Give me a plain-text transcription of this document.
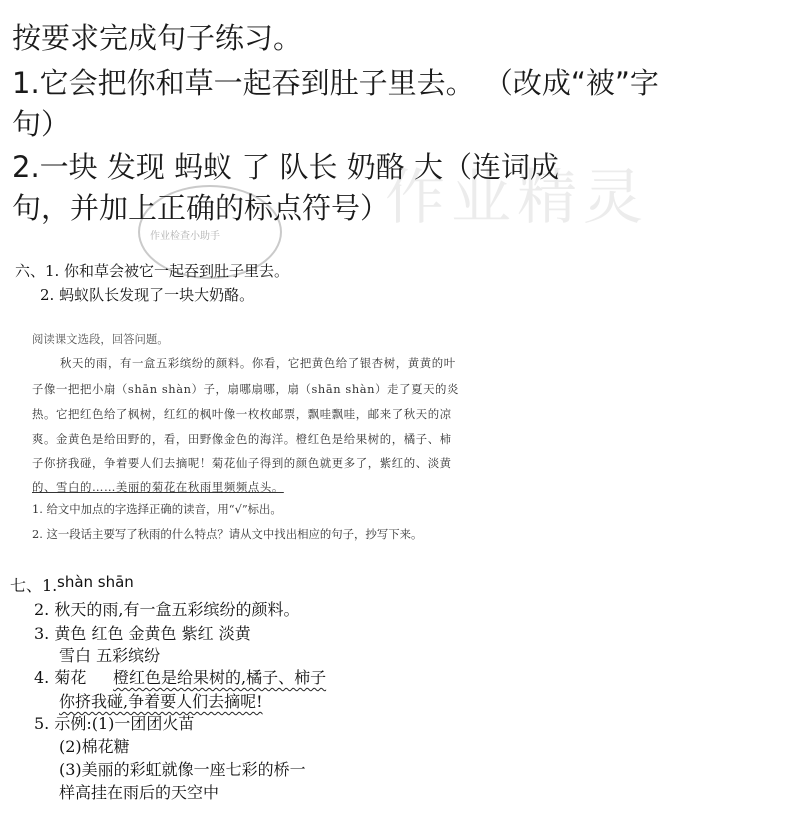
作业精灵
作业检查小助手
按要求完成句子练习。
1.它会把你和草一起吞到肚子里去。 （改成“被”字
句）
2.一块 发现 蚂蚁 了 队长 奶酪 大（连词成
句，并加上正确的标点符号）
六、1. 你和草会被它一起吞到肚子里去。
2. 蚂蚁队长发现了一块大奶酪。
阅读课文选段，回答问题。
秋天的雨，有一盒五彩缤纷的颜料。你看，它把黄色给了银杏树，黄黄的叶
子像一把把小扇（shān shàn）子，扇哪扇哪，扇（shān shàn）走了夏天的炎
热。它把红色给了枫树，红红的枫叶像一枚枚邮票，飘哇飘哇，邮来了秋天的凉
爽。金黄色是给田野的，看，田野像金色的海洋。橙红色是给果树的，橘子、柿
子你挤我碰，争着要人们去摘呢！菊花仙子得到的颜色就更多了，紫红的、淡黄
的、雪白的……美丽的菊花在秋雨里频频点头。
1. 给文中加点的字选择正确的读音，用“√”标出。
2. 这一段话主要写了秋雨的什么特点？请从文中找出相应的句子，抄写下来。
七、1. shàn shān
2. 秋天的雨,有一盒五彩缤纷的颜料。
3. 黄色 红色 金黄色 紫红 淡黄
雪白 五彩缤纷
4. 菊花 橙红色是给果树的,橘子、柿子
你挤我碰,争着要人们去摘呢!
5. 示例:(1)一团团火苗
(2)棉花糖
(3)美丽的彩虹就像一座七彩的桥一
样高挂在雨后的天空中
